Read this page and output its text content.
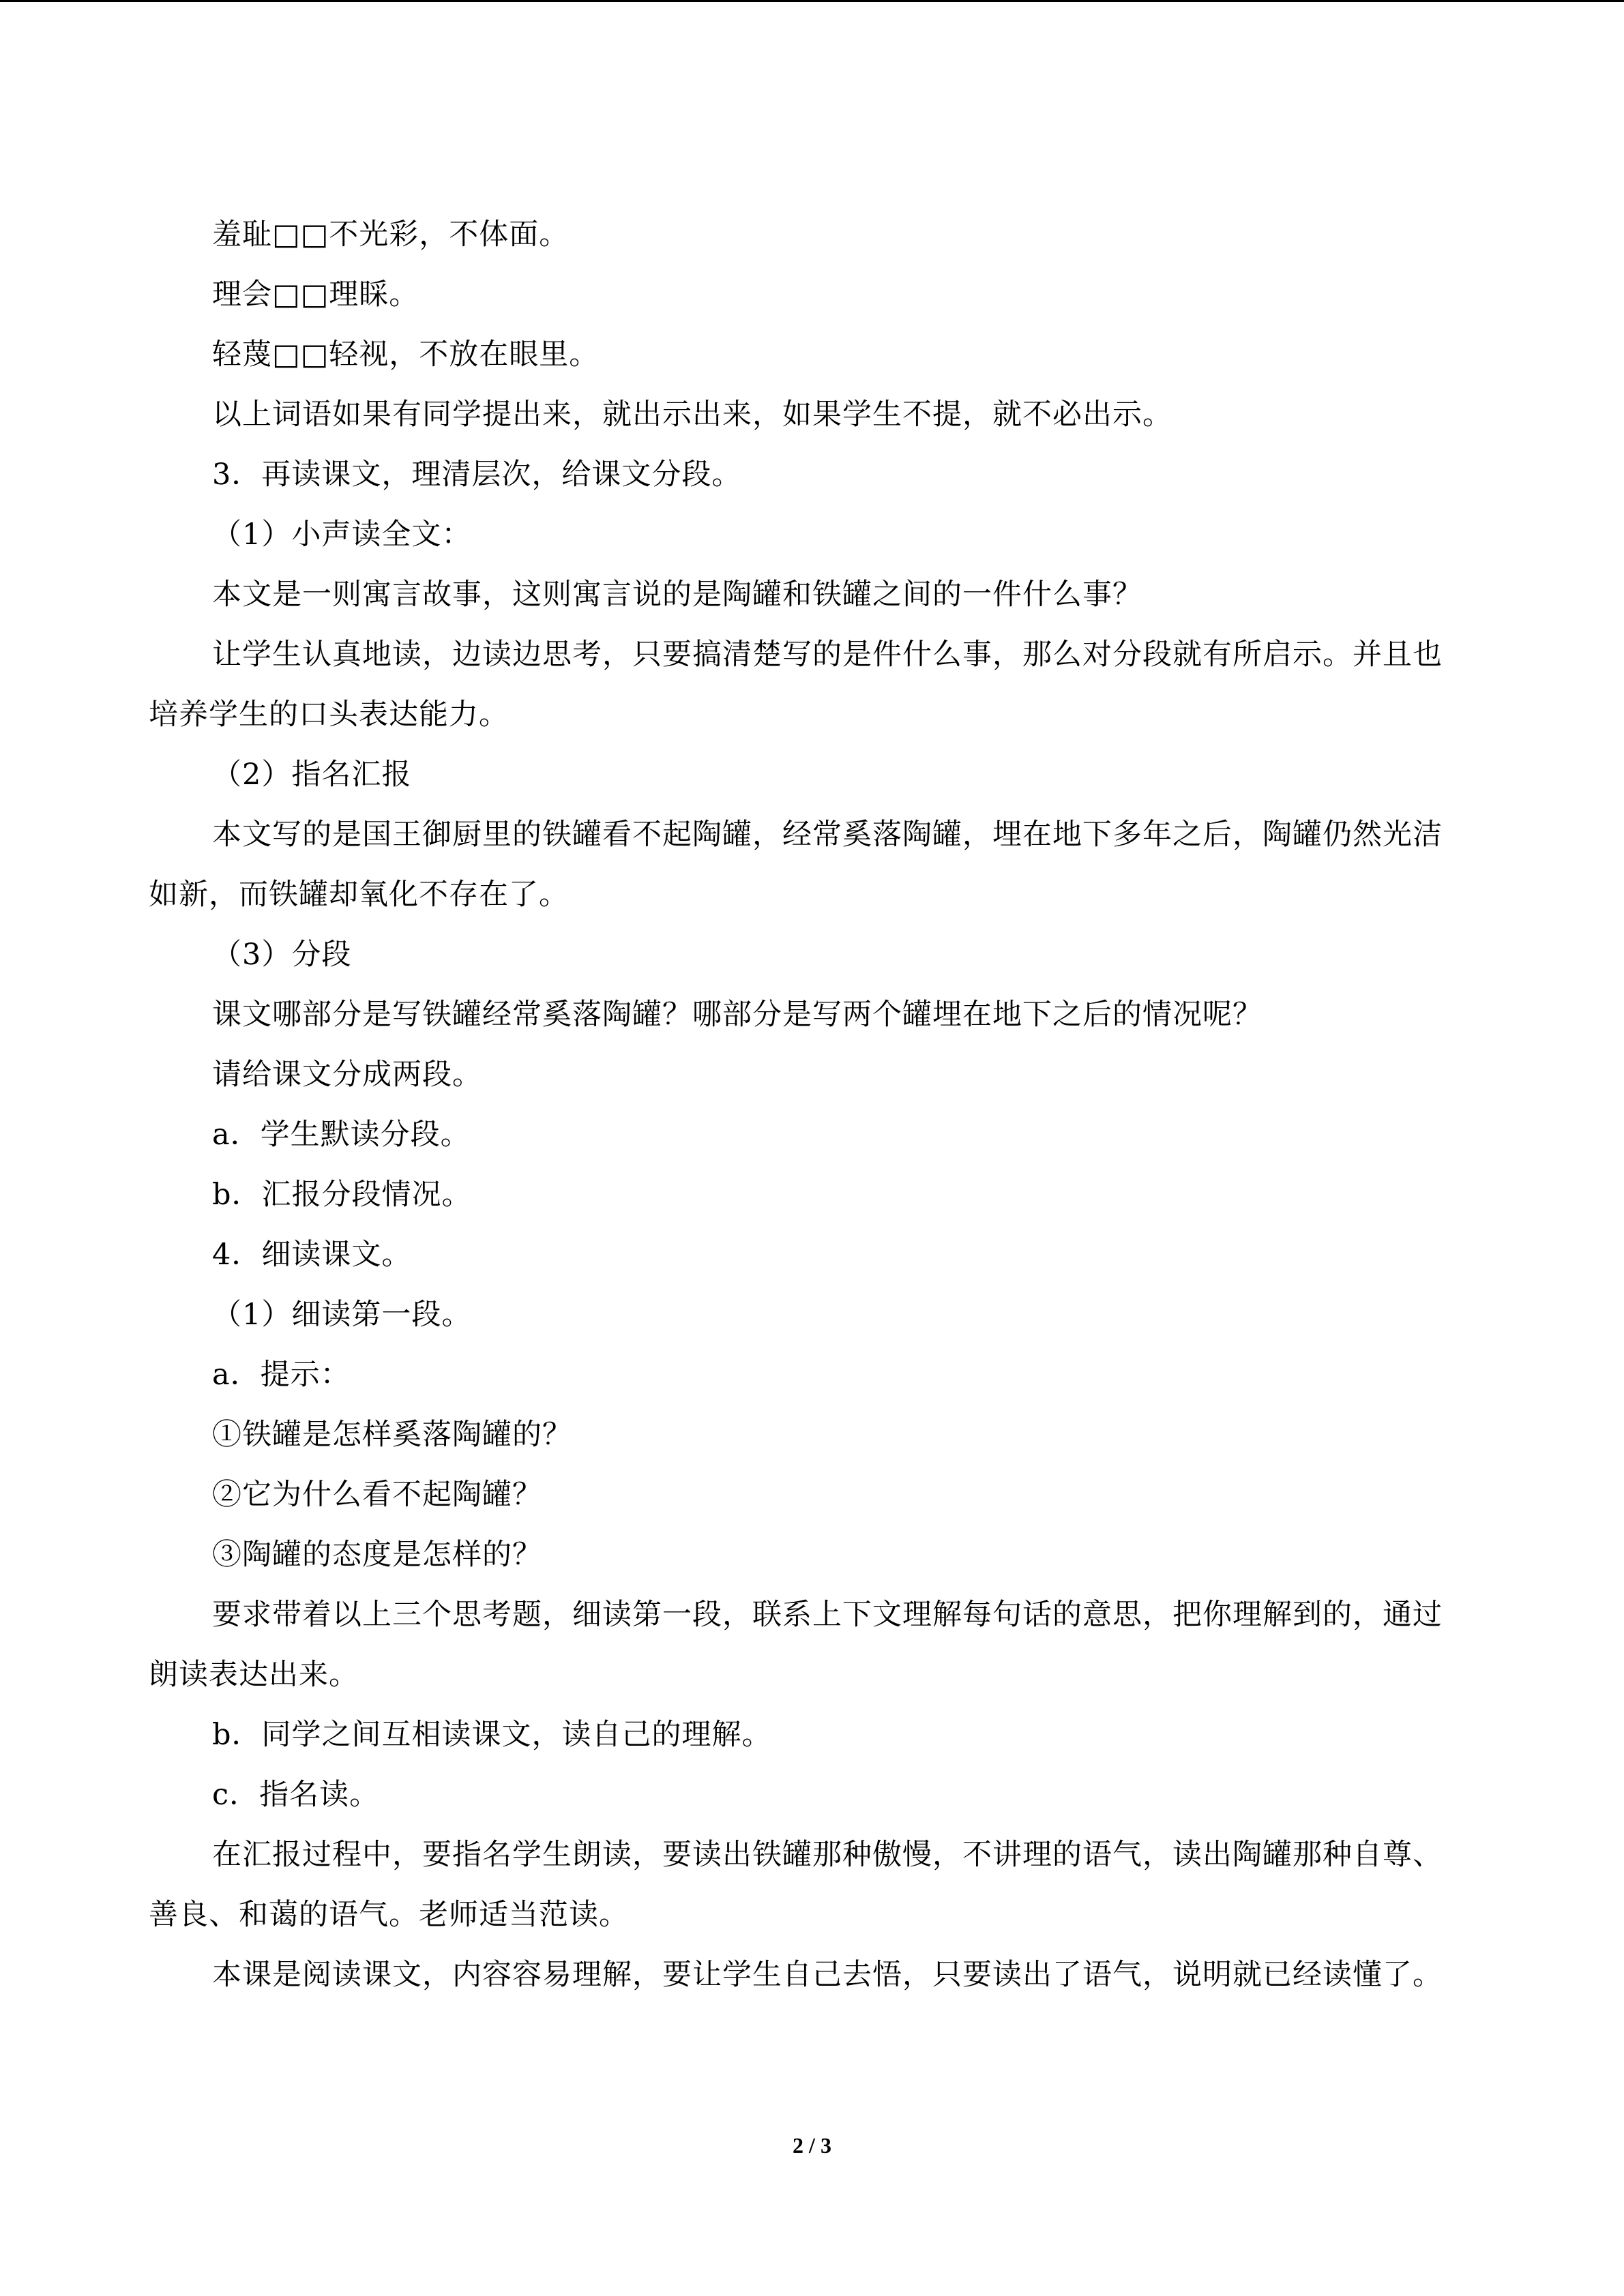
羞耻□□不光彩，不体面。

理会□□理睬。

轻蔑□□轻视，不放在眼里。

以上词语如果有同学提出来，就出示出来，如果学生不提，就不必出示。

3．再读课文，理清层次，给课文分段。

（1）小声读全文：

本文是一则寓言故事，这则寓言说的是陶罐和铁罐之间的一件什么事？

让学生认真地读，边读边思考，只要搞清楚写的是件什么事，那么对分段就有所启示。并且也培养学生的口头表达能力。

（2）指名汇报

本文写的是国王御厨里的铁罐看不起陶罐，经常奚落陶罐，埋在地下多年之后，陶罐仍然光洁如新，而铁罐却氧化不存在了。

（3）分段

课文哪部分是写铁罐经常奚落陶罐？哪部分是写两个罐埋在地下之后的情况呢？

请给课文分成两段。

a．学生默读分段。

b．汇报分段情况。

4．细读课文。

（1）细读第一段。

a．提示：

①铁罐是怎样奚落陶罐的？

②它为什么看不起陶罐？

③陶罐的态度是怎样的？

要求带着以上三个思考题，细读第一段，联系上下文理解每句话的意思，把你理解到的，通过朗读表达出来。

b．同学之间互相读课文，读自己的理解。

c．指名读。

在汇报过程中，要指名学生朗读，要读出铁罐那种傲慢，不讲理的语气，读出陶罐那种自尊、善良、和蔼的语气。老师适当范读。

本课是阅读课文，内容容易理解，要让学生自己去悟，只要读出了语气，说明就已经读懂了。

2 / 3
